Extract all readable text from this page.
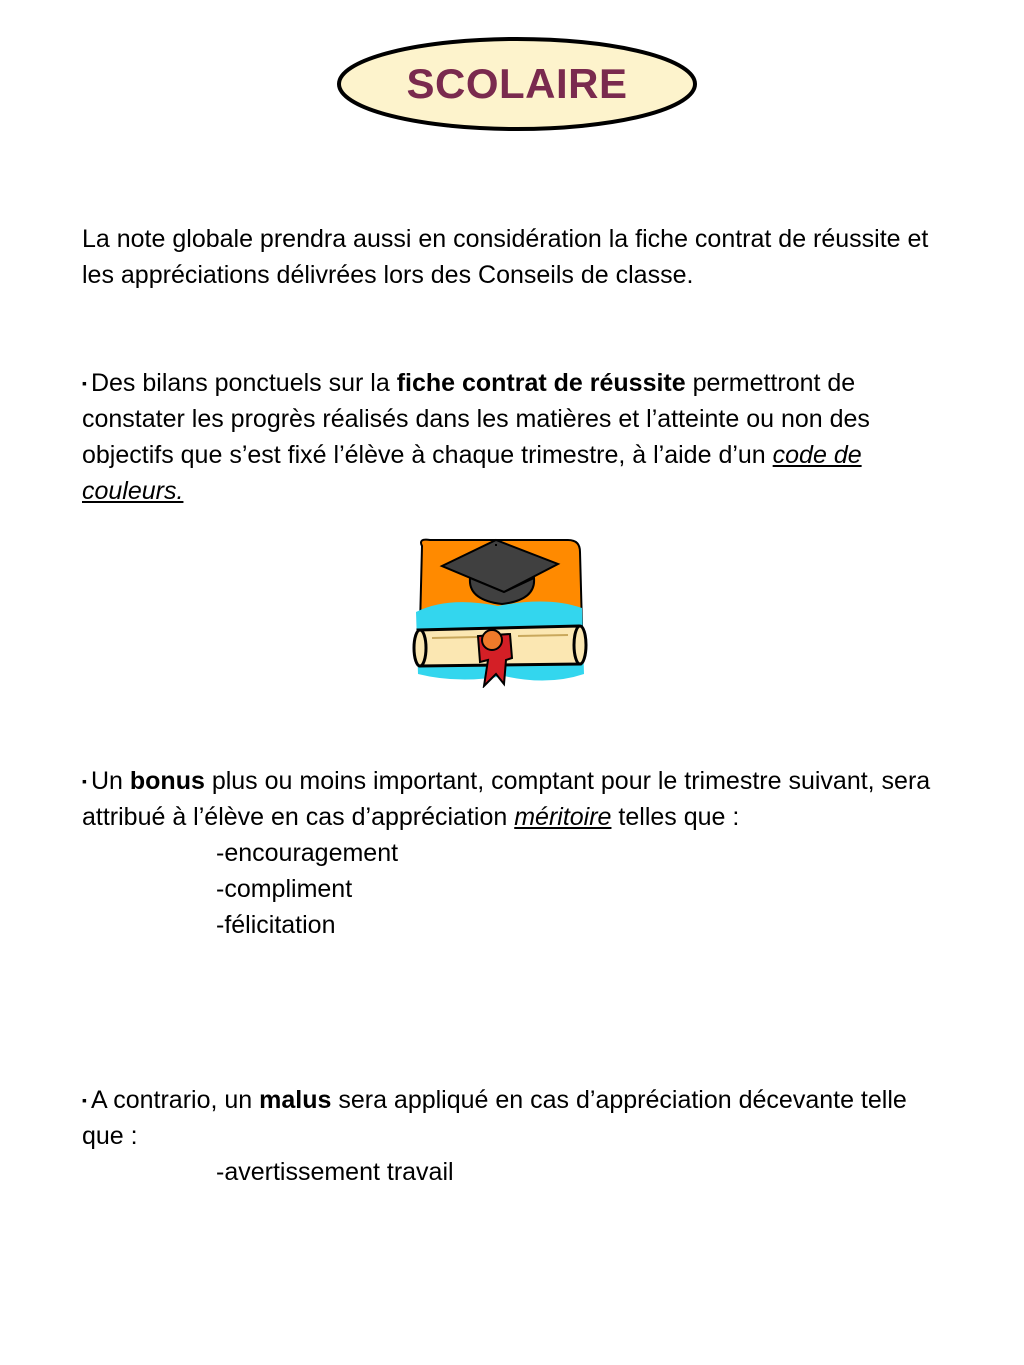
SCOLAIRE

La note globale prendra aussi en considération la fiche contrat de réussite et les appréciations délivrées lors des Conseils de classe.

▪ Des bilans ponctuels sur la fiche contrat de réussite permettront de constater les progrès réalisés dans les matières et l’atteinte ou non des objectifs que s’est fixé l’élève à chaque trimestre, à l’aide d’un code de couleurs.

▪ Un bonus plus ou moins important, comptant pour le trimestre suivant, sera attribué à l’élève en cas d’appréciation méritoire telles que :
-encouragement
-compliment
-félicitation

▪ A contrario, un malus sera appliqué en cas d’appréciation décevante telle que :
-avertissement travail
